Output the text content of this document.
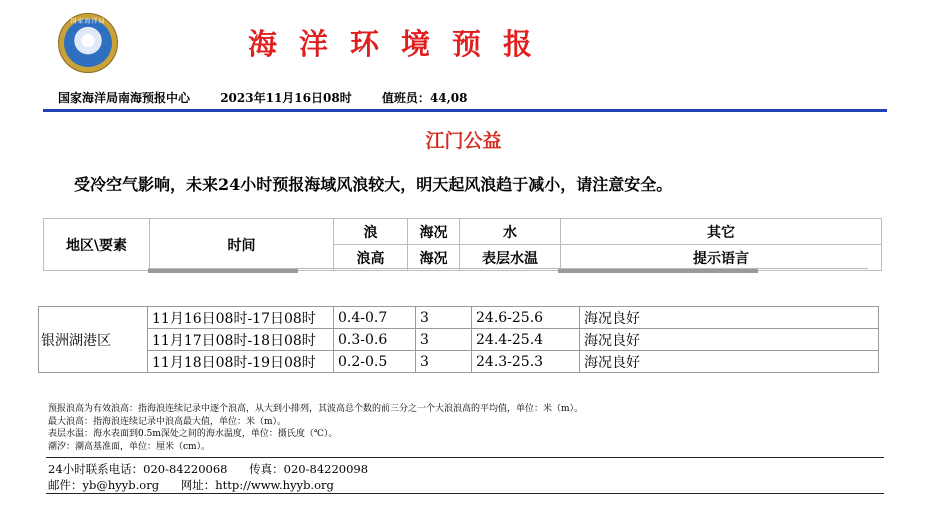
国家海洋局
海洋环境预报
国家海洋局南海预报中心	2023年11月16日08时	值班员：44,08
江门公益
受冷空气影响，未来24小时预报海域风浪较大，明天起风浪趋于减小，请注意安全。
地区\要素	时间	浪	海况	水	其它
		浪高	海况	表层水温	提示语言
银洲湖港区	11月16日08时-17日08时	0.4-0.7	3	24.6-25.6	海况良好
	11月17日08时-18日08时	0.3-0.6	3	24.4-25.4	海况良好
	11月18日08时-19日08时	0.2-0.5	3	24.3-25.3	海况良好
预报浪高为有效浪高：指海浪连续记录中逐个浪高，从大到小排列，其波高总个数的前三分之一个大浪浪高的平均值，单位：米（m）。
最大浪高：指海浪连续记录中浪高最大值，单位：米（m）。
表层水温：海水表面到0.5m深处之间的海水温度，单位：摄氏度（℃）。
潮汐：潮高基准面，单位：厘米（cm）。
24小时联系电话：020-84220068 传真：020-84220098
邮件：yb@hyyb.org 网址：http://www.hyyb.org
